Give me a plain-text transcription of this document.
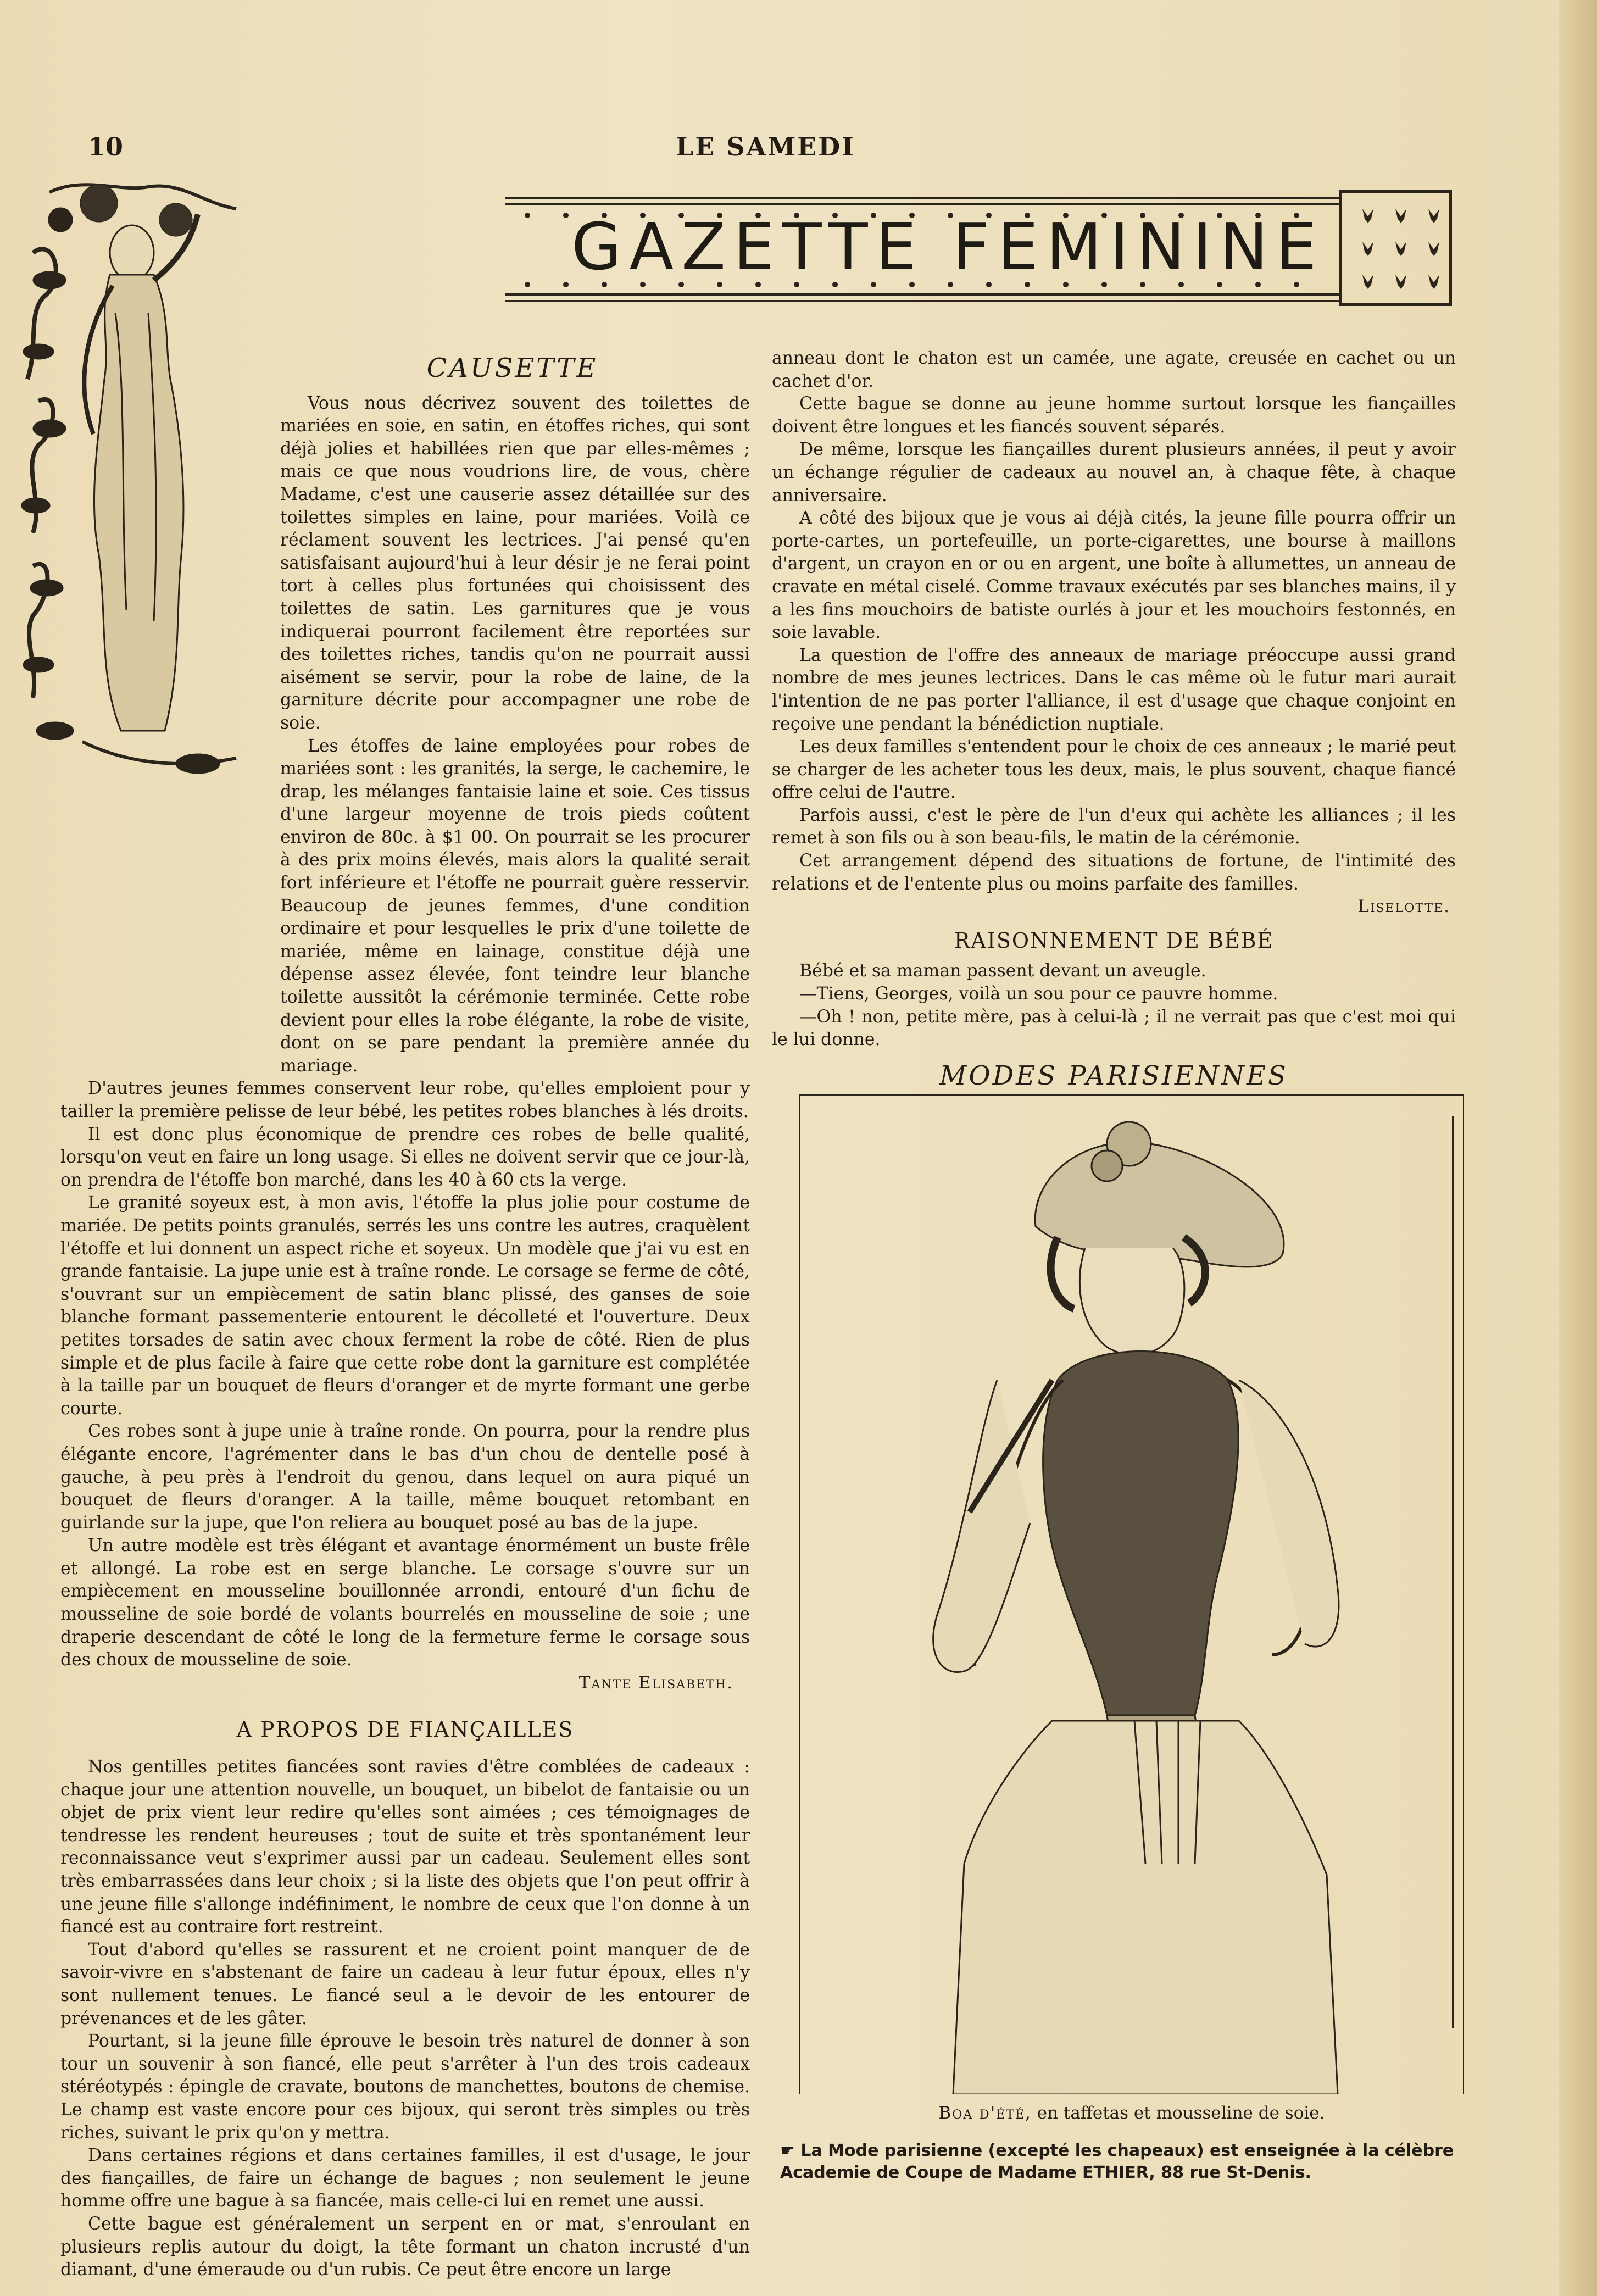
10	LE SAMEDI
GAZETTE FEMININE
CAUSETTE

Vous nous décrivez souvent des toilettes de mariées en soie, en satin, en étoffes riches, qui sont déjà jolies et habillées rien que par elles-mêmes ; mais ce que nous voudrions lire, de vous, chère Madame, c'est une causerie assez détaillée sur des toilettes simples en laine, pour mariées. Voilà ce réclament souvent les lectrices. J'ai pensé qu'en satisfaisant aujourd'hui à leur désir je ne ferai point tort à celles plus fortunées qui choisissent des toilettes de satin. Les garnitures que je vous indiquerai pourront facilement être reportées sur des toilettes riches, tandis qu'on ne pourrait aussi aisément se servir, pour la robe de laine, de la garniture décrite pour accompagner une robe de soie.

Les étoffes de laine employées pour robes de mariées sont : les granités, la serge, le cachemire, le drap, les mélanges fantaisie laine et soie. Ces tissus d'une largeur moyenne de trois pieds coûtent environ de 80c. à $1 00. On pourrait se les procurer à des prix moins élevés, mais alors la qualité serait fort inférieure et l'étoffe ne pourrait guère resservir. Beaucoup de jeunes femmes, d'une condition ordinaire et pour lesquelles le prix d'une toilette de mariée, même en lainage, constitue déjà une dépense assez élevée, font teindre leur blanche toilette aussitôt la cérémonie terminée. Cette robe devient pour elles la robe élégante, la robe de visite, dont on se pare pendant la première année du mariage.

D'autres jeunes femmes conservent leur robe, qu'elles emploient pour y tailler la première pelisse de leur bébé, les petites robes blanches à lés droits.

Il est donc plus économique de prendre ces robes de belle qualité, lorsqu'on veut en faire un long usage. Si elles ne doivent servir que ce jour-là, on prendra de l'étoffe bon marché, dans les 40 à 60 cts la verge.

Le granité soyeux est, à mon avis, l'étoffe la plus jolie pour costume de mariée. De petits points granulés, serrés les uns contre les autres, craquèlent l'étoffe et lui donnent un aspect riche et soyeux. Un modèle que j'ai vu est en grande fantaisie. La jupe unie est à traîne ronde. Le corsage se ferme de côté, s'ouvrant sur un empiècement de satin blanc plissé, des ganses de soie blanche formant passementerie entourent le décolleté et l'ouverture. Deux petites torsades de satin avec choux ferment la robe de côté. Rien de plus simple et de plus facile à faire que cette robe dont la garniture est complétée à la taille par un bouquet de fleurs d'oranger et de myrte formant une gerbe courte.

Ces robes sont à jupe unie à traîne ronde. On pourra, pour la rendre plus élégante encore, l'agrémenter dans le bas d'un chou de dentelle posé à gauche, à peu près à l'endroit du genou, dans lequel on aura piqué un bouquet de fleurs d'oranger. A la taille, même bouquet retombant en guirlande sur la jupe, que l'on reliera au bouquet posé au bas de la jupe.

Un autre modèle est très élégant et avantage énormément un buste frêle et allongé. La robe est en serge blanche. Le corsage s'ouvre sur un empiècement en mousseline bouillonnée arrondi, entouré d'un fichu de mousseline de soie bordé de volants bourrelés en mousseline de soie ; une draperie descendant de côté le long de la fermeture ferme le corsage sous des choux de mousseline de soie.

Tante Elisabeth.
A PROPOS DE FIANÇAILLES

Nos gentilles petites fiancées sont ravies d'être comblées de cadeaux : chaque jour une attention nouvelle, un bouquet, un bibelot de fantaisie ou un objet de prix vient leur redire qu'elles sont aimées ; ces témoignages de tendresse les rendent heureuses ; tout de suite et très spontanément leur reconnaissance veut s'exprimer aussi par un cadeau. Seulement elles sont très embarrassées dans leur choix ; si la liste des objets que l'on peut offrir à une jeune fille s'allonge indéfiniment, le nombre de ceux que l'on donne à un fiancé est au contraire fort restreint.

Tout d'abord qu'elles se rassurent et ne croient point manquer de de savoir-vivre en s'abstenant de faire un cadeau à leur futur époux, elles n'y sont nullement tenues. Le fiancé seul a le devoir de les entourer de prévenances et de les gâter.

Pourtant, si la jeune fille éprouve le besoin très naturel de donner à son tour un souvenir à son fiancé, elle peut s'arrêter à l'un des trois cadeaux stéréotypés : épingle de cravate, boutons de manchettes, boutons de chemise. Le champ est vaste encore pour ces bijoux, qui seront très simples ou très riches, suivant le prix qu'on y mettra.

Dans certaines régions et dans certaines familles, il est d'usage, le jour des fiançailles, de faire un échange de bagues ; non seulement le jeune homme offre une bague à sa fiancée, mais celle-ci lui en remet une aussi.

Cette bague est généralement un serpent en or mat, s'enroulant en plusieurs replis autour du doigt, la tête formant un chaton incrusté d'un diamant, d'une émeraude ou d'un rubis. Ce peut être encore un large

anneau dont le chaton est un camée, une agate, creusée en cachet ou un cachet d'or.

Cette bague se donne au jeune homme surtout lorsque les fiançailles doivent être longues et les fiancés souvent séparés.

De même, lorsque les fiançailles durent plusieurs années, il peut y avoir un échange régulier de cadeaux au nouvel an, à chaque fête, à chaque anniversaire.

A côté des bijoux que je vous ai déjà cités, la jeune fille pourra offrir un porte-cartes, un portefeuille, un porte-cigarettes, une bourse à maillons d'argent, un crayon en or ou en argent, une boîte à allumettes, un anneau de cravate en métal ciselé. Comme travaux exécutés par ses blanches mains, il y a les fins mouchoirs de batiste ourlés à jour et les mouchoirs festonnés, en soie lavable.

La question de l'offre des anneaux de mariage préoccupe aussi grand nombre de mes jeunes lectrices. Dans le cas même où le futur mari aurait l'intention de ne pas porter l'alliance, il est d'usage que chaque conjoint en reçoive une pendant la bénédiction nuptiale.

Les deux familles s'entendent pour le choix de ces anneaux ; le marié peut se charger de les acheter tous les deux, mais, le plus souvent, chaque fiancé offre celui de l'autre.

Parfois aussi, c'est le père de l'un d'eux qui achète les alliances ; il les remet à son fils ou à son beau-fils, le matin de la cérémonie.

Cet arrangement dépend des situations de fortune, de l'intimité des relations et de l'entente plus ou moins parfaite des familles.

Liselotte.
RAISONNEMENT DE BÉBÉ

Bébé et sa maman passent devant un aveugle.

—Tiens, Georges, voilà un sou pour ce pauvre homme.

—Oh ! non, petite mère, pas à celui-là ; il ne verrait pas que c'est moi qui le lui donne.

MODES PARISIENNES
Boa d'été, en taffetas et mousseline de soie.
☛ La Mode parisienne (excepté les chapeaux) est enseignée à la célèbre
Academie de Coupe de Madame ETHIER, 88 rue St-Denis.
